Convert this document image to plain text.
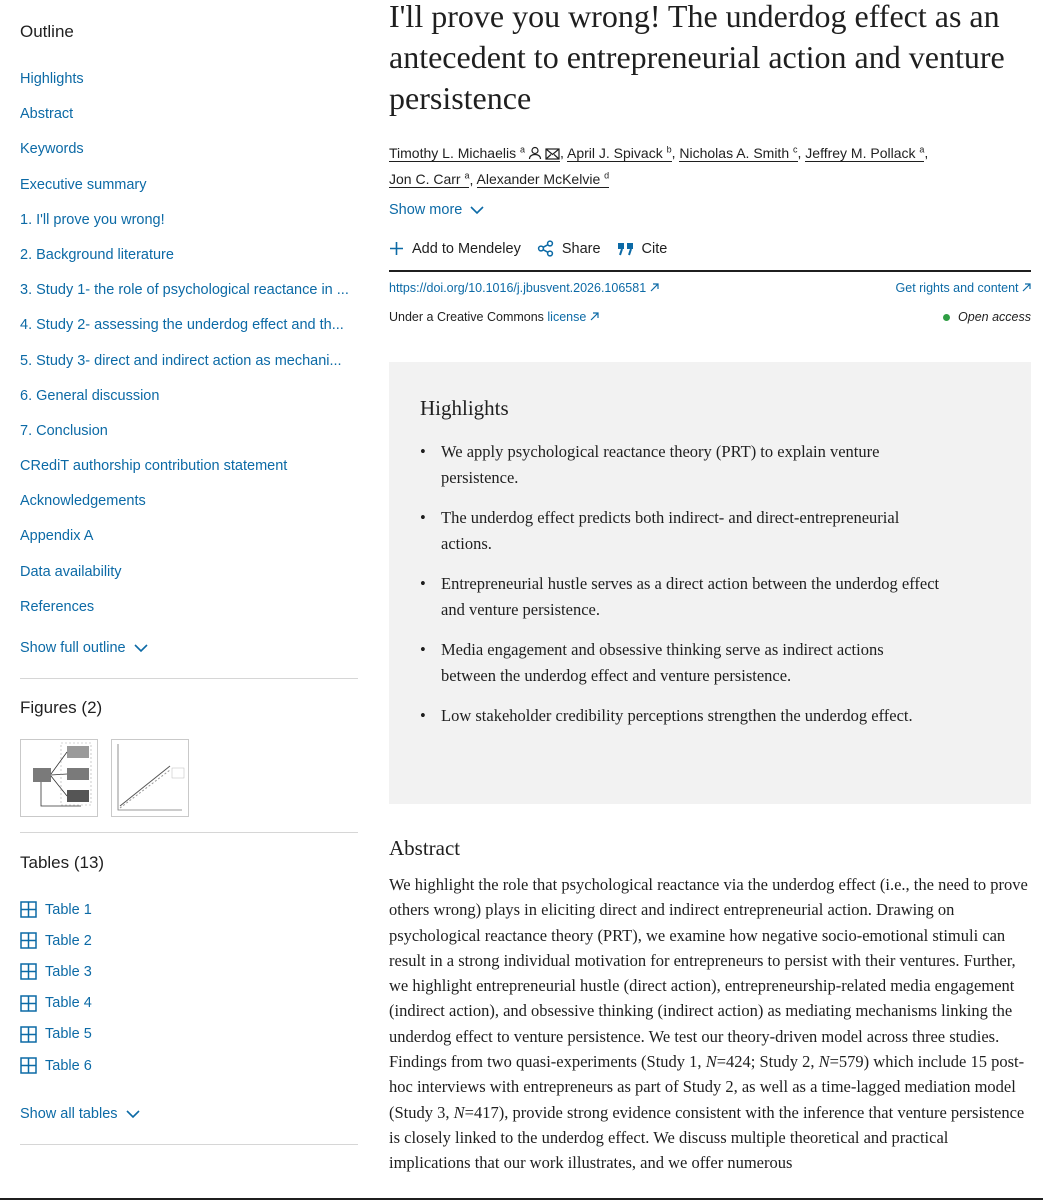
Outline
Highlights
Abstract
Keywords
Executive summary
1. I'll prove you wrong!
2. Background literature
3. Study 1- the role of psychological reactance in ...
4. Study 2- assessing the underdog effect and th...
5. Study 3- direct and indirect action as mechani...
6. General discussion
7. Conclusion
CRediT authorship contribution statement
Acknowledgements
Appendix A
Data availability
References
Show full outline
Figures (2)
Tables (13)
Table 1
Table 2
Table 3
Table 4
Table 5
Table 6
Show all tables
I'll prove you wrong! The underdog effect as an antecedent to entrepreneurial action and venture persistence
Timothy L. Michaelis $^a$	, April J. Spivack $^b$, Nicholas A. Smith $^c$, Jeffrey M. Pollack $^a$,
Jon C. Carr $^a$, Alexander McKelvie $^d$
Show more
Add to Mendeley	Share	Cite
https://doi.org/10.1016/j.jbusvent.2026.106581	Get rights and content
Under a Creative Commons license	Open access
Highlights
• We apply psychological reactance theory (PRT) to explain venture persistence.
• The underdog effect predicts both indirect- and direct-entrepreneurial actions.
• Entrepreneurial hustle serves as a direct action between the underdog effect and venture persistence.
• Media engagement and obsessive thinking serve as indirect actions between the underdog effect and venture persistence.
• Low stakeholder credibility perceptions strengthen the underdog effect.
Abstract

We highlight the role that psychological reactance via the underdog effect (i.e., the need to prove others wrong) plays in eliciting direct and indirect entrepreneurial action. Drawing on psychological reactance theory (PRT), we examine how negative socio-emotional stimuli can result in a strong individual motivation for entrepreneurs to persist with their ventures. Further, we highlight entrepreneurial hustle (direct action), entrepreneurship-related media engagement (indirect action), and obsessive thinking (indirect action) as mediating mechanisms linking the underdog effect to venture persistence. We test our theory-driven model across three studies. Findings from two quasi-experiments (Study 1, N=424; Study 2, N=579) which include 15 post-hoc interviews with entrepreneurs as part of Study 2, as well as a time-lagged mediation model (Study 3, N=417), provide strong evidence consistent with the inference that venture persistence is closely linked to the underdog effect. We discuss multiple theoretical and practical implications that our work illustrates, and we offer numerous
